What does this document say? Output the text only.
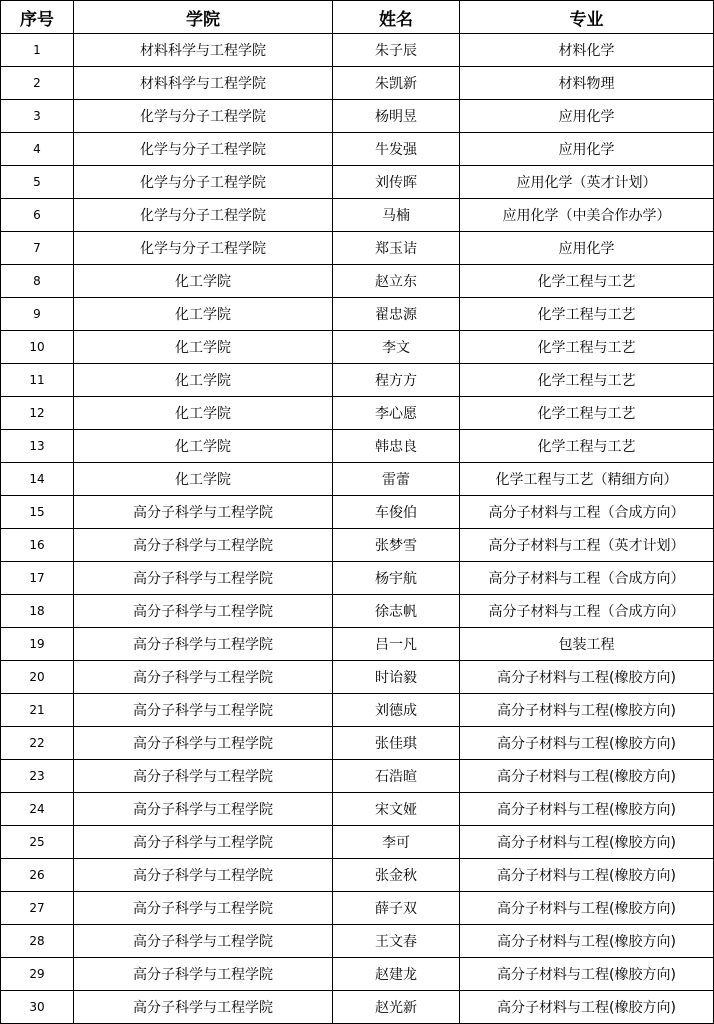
序号	学院	姓名	专业
1	材料科学与工程学院	朱子辰	材料化学
2	材料科学与工程学院	朱凯新	材料物理
3	化学与分子工程学院	杨明昱	应用化学
4	化学与分子工程学院	牛发强	应用化学
5	化学与分子工程学院	刘传晖	应用化学（英才计划）
6	化学与分子工程学院	马楠	应用化学（中美合作办学）
7	化学与分子工程学院	郑玉诘	应用化学
8	化工学院	赵立东	化学工程与工艺
9	化工学院	翟忠源	化学工程与工艺
10	化工学院	李文	化学工程与工艺
11	化工学院	程方方	化学工程与工艺
12	化工学院	李心愿	化学工程与工艺
13	化工学院	韩忠良	化学工程与工艺
14	化工学院	雷蕾	化学工程与工艺（精细方向）
15	高分子科学与工程学院	车俊伯	高分子材料与工程（合成方向）
16	高分子科学与工程学院	张梦雪	高分子材料与工程（英才计划）
17	高分子科学与工程学院	杨宇航	高分子材料与工程（合成方向）
18	高分子科学与工程学院	徐志帆	高分子材料与工程（合成方向）
19	高分子科学与工程学院	吕一凡	包装工程
20	高分子科学与工程学院	时诒毅	高分子材料与工程(橡胶方向)
21	高分子科学与工程学院	刘德成	高分子材料与工程(橡胶方向)
22	高分子科学与工程学院	张佳琪	高分子材料与工程(橡胶方向)
23	高分子科学与工程学院	石浩暄	高分子材料与工程(橡胶方向)
24	高分子科学与工程学院	宋文娅	高分子材料与工程(橡胶方向)
25	高分子科学与工程学院	李可	高分子材料与工程(橡胶方向)
26	高分子科学与工程学院	张金秋	高分子材料与工程(橡胶方向)
27	高分子科学与工程学院	薛子双	高分子材料与工程(橡胶方向)
28	高分子科学与工程学院	王文春	高分子材料与工程(橡胶方向)
29	高分子科学与工程学院	赵建龙	高分子材料与工程(橡胶方向)
30	高分子科学与工程学院	赵光新	高分子材料与工程(橡胶方向)
